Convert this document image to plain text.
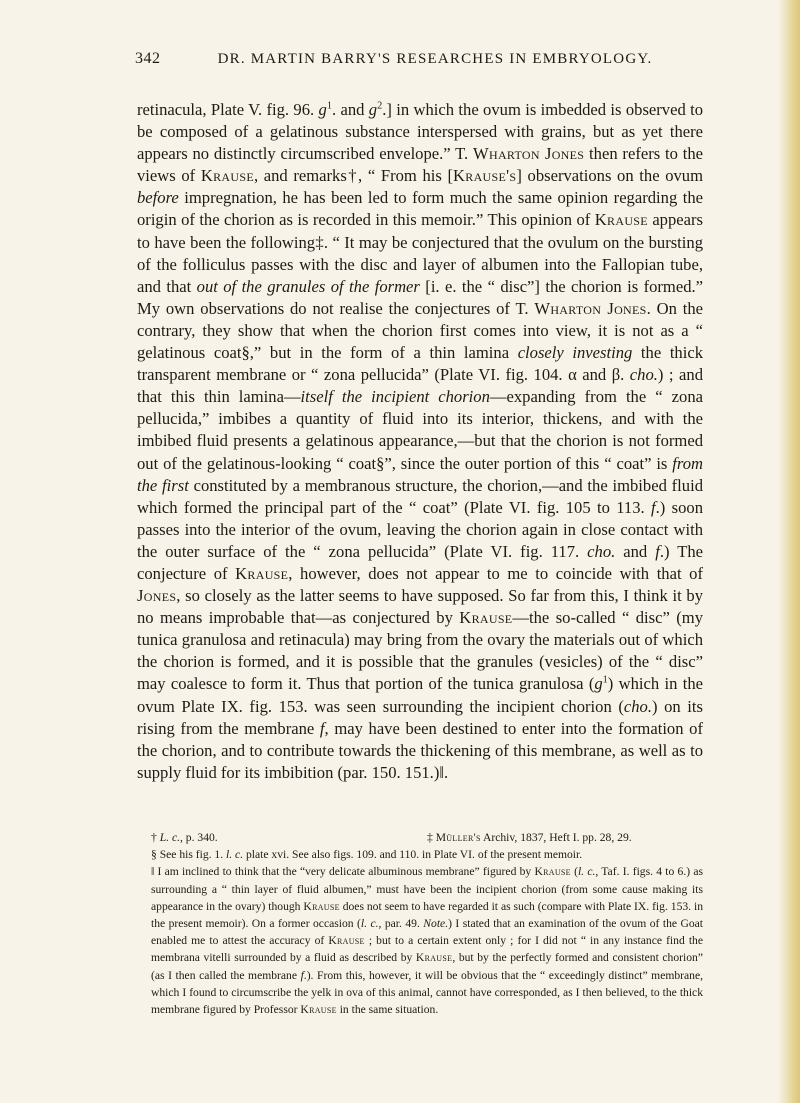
342	DR. MARTIN BARRY'S RESEARCHES IN EMBRYOLOGY.

retinacula, Plate V. fig. 96. $g^1$. and $g^2$.] in which the ovum is imbedded is observed to be composed of a gelatinous substance interspersed with grains, but as yet there appears no distinctly circumscribed envelope.” T. Wharton Jones then refers to the views of Krause, and remarks†, “ From his [Krause's] observations on the ovum before impregnation, he has been led to form much the same opinion regarding the origin of the chorion as is recorded in this memoir.” This opinion of Krause appears to have been the following‡. “ It may be conjectured that the ovulum on the bursting of the folliculus passes with the disc and layer of albumen into the Fallopian tube, and that out of the granules of the former [i. e. the “ disc”] the chorion is formed.” My own observations do not realise the conjectures of T. Wharton Jones. On the contrary, they show that when the chorion first comes into view, it is not as a “ gelatinous coat§,” but in the form of a thin lamina closely investing the thick transparent membrane or “ zona pellucida” (Plate VI. fig. 104. α and β. cho.) ; and that this thin lamina—itself the incipient chorion—expanding from the “ zona pellucida,” imbibes a quantity of fluid into its interior, thickens, and with the imbibed fluid presents a gelatinous appearance,—but that the chorion is not formed out of the gelatinous-looking “ coat§”, since the outer portion of this “ coat” is from the first constituted by a membranous structure, the chorion,—and the imbibed fluid which formed the principal part of the “ coat” (Plate VI. fig. 105 to 113. f.) soon passes into the interior of the ovum, leaving the chorion again in close contact with the outer surface of the “ zona pellucida” (Plate VI. fig. 117. cho. and f.) The conjecture of Krause, however, does not appear to me to coincide with that of Jones, so closely as the latter seems to have supposed. So far from this, I think it by no means improbable that—as conjectured by Krause—the so-called “ disc” (my tunica granulosa and retinacula) may bring from the ovary the materials out of which the chorion is formed, and it is possible that the granules (vesicles) of the “ disc” may coalesce to form it. Thus that portion of the tunica granulosa $(g^1)$ which in the ovum Plate IX. fig. 153. was seen surrounding the incipient chorion (cho.) on its rising from the membrane f, may have been destined to enter into the formation of the chorion, and to contribute towards the thickening of this membrane, as well as to supply fluid for its imbibition (par. 150. 151.)‖.

† L. c., p. 340.	‡ Müller's Archiv, 1837, Heft I. pp. 28, 29.

§ See his fig. 1. l. c. plate xvi. See also figs. 109. and 110. in Plate VI. of the present memoir.

‖ I am inclined to think that the “very delicate albuminous membrane” figured by Krause (l. c., Taf. I. figs. 4 to 6.) as surrounding a “ thin layer of fluid albumen,” must have been the incipient chorion (from some cause making its appearance in the ovary) though Krause does not seem to have regarded it as such (compare with Plate IX. fig. 153. in the present memoir). On a former occasion (l. c., par. 49. Note.) I stated that an examination of the ovum of the Goat enabled me to attest the accuracy of Krause ; but to a certain extent only ; for I did not “ in any instance find the membrana vitelli surrounded by a fluid as described by Krause, but by the perfectly formed and consistent chorion” (as I then called the membrane f.). From this, however, it will be obvious that the “ exceedingly distinct” membrane, which I found to circumscribe the yelk in ova of this animal, cannot have corresponded, as I then believed, to the thick membrane figured by Professor Krause in the same situation.
